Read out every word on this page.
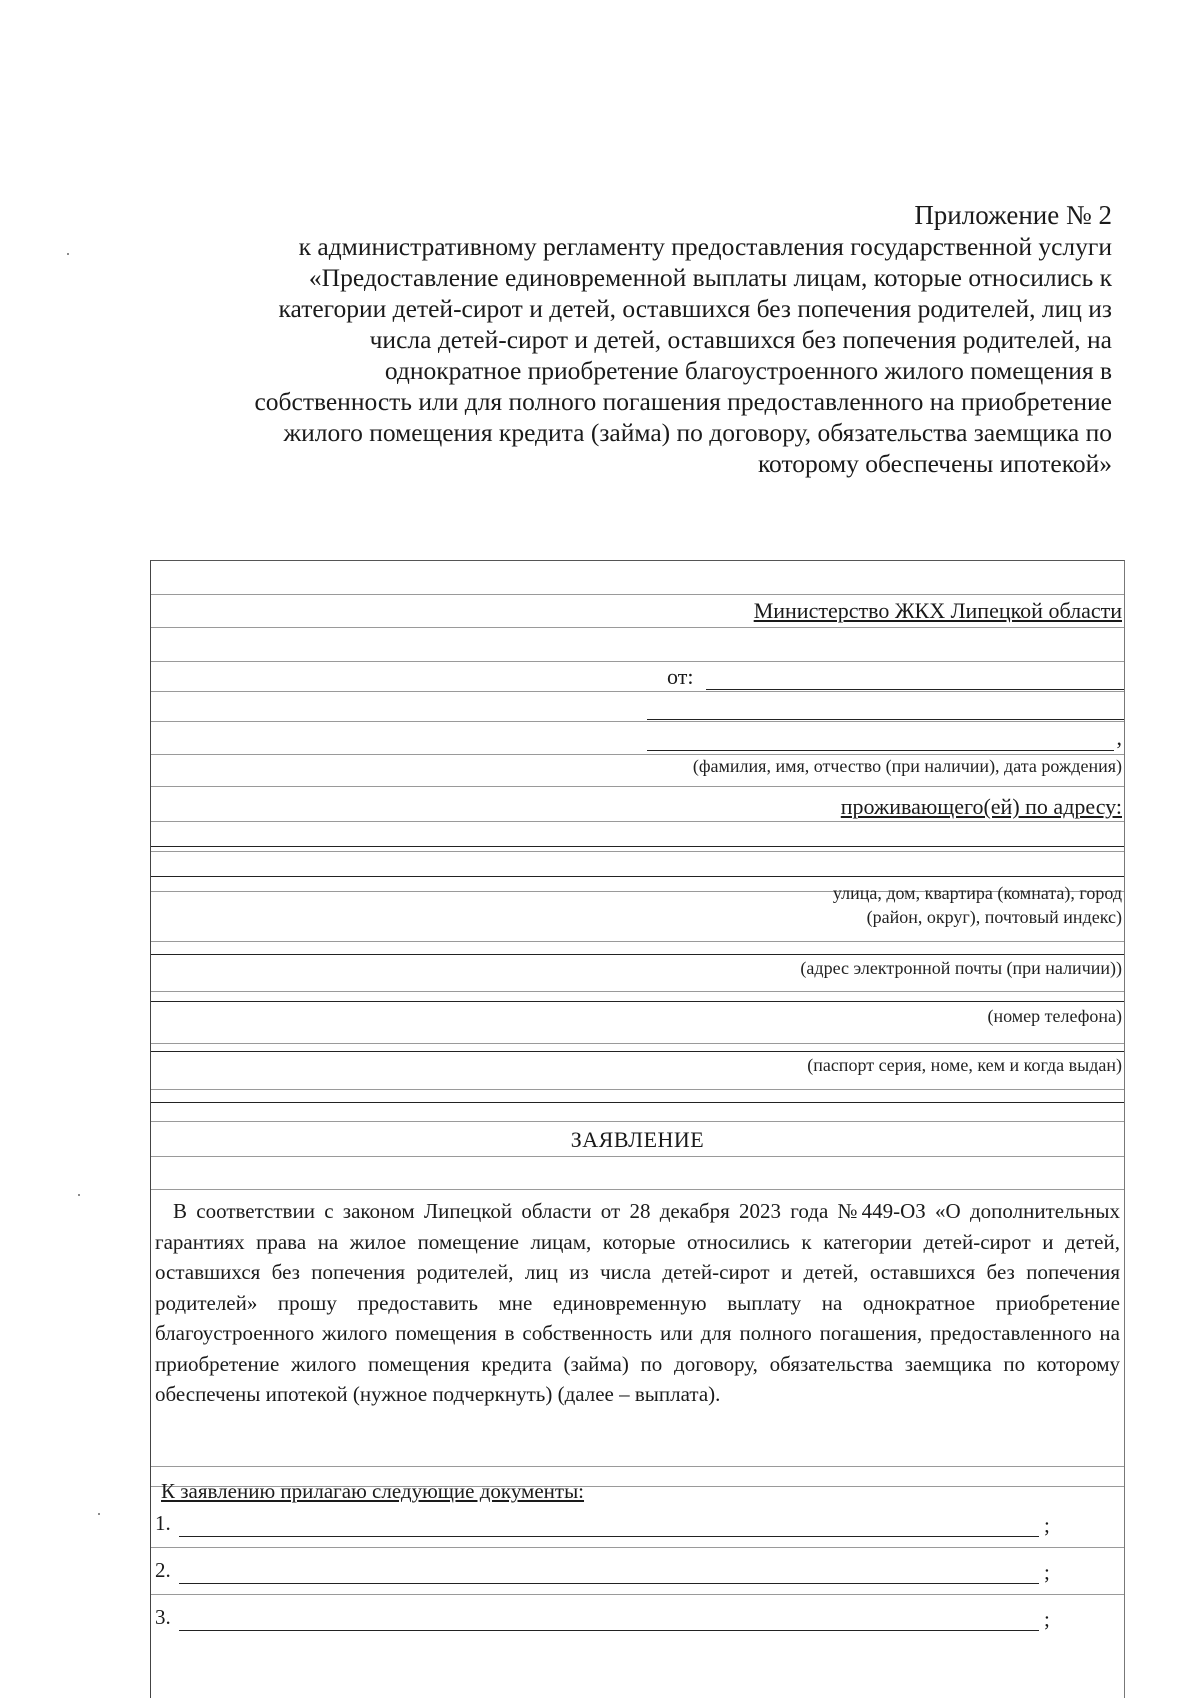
Приложение № 2
к административному регламенту предоставления государственной услуги
«Предоставление единовременной выплаты лицам, которые относились к
категории детей-сирот и детей, оставшихся без попечения родителей, лиц из
числа детей-сирот и детей, оставшихся без попечения родителей, на
однократное приобретение благоустроенного жилого помещения в
собственность или для полного погашения предоставленного на приобретение
жилого помещения кредита (займа) по договору, обязательства заемщика по
которому обеспечены ипотекой»
Министерство ЖКХ Липецкой области
от:
,
(фамилия, имя, отчество (при наличии), дата рождения)
проживающего(ей) по адресу:
улица, дом, квартира (комната), город
(район, округ), почтовый индекс)
(адрес электронной почты (при наличии))
(номер телефона)
(паспорт серия, номе, кем и когда выдан)
ЗАЯВЛЕНИЕ
В соответствии с законом Липецкой области от 28 декабря 2023 года №449-ОЗ «О дополнительных гарантиях права на жилое помещение лицам, которые относились к категории детей-сирот и детей, оставшихся без попечения родителей, лиц из числа детей-сирот и детей, оставшихся без попечения родителей» прошу предоставить мне единовременную выплату на однократное приобретение благоустроенного жилого помещения в собственность или для полного погашения, предоставленного на приобретение жилого помещения кредита (займа) по договору, обязательства заемщика по которому обеспечены ипотекой (нужное подчеркнуть) (далее – выплата).
К заявлению прилагаю следующие документы:
1.	;
2.	;
3.	;
